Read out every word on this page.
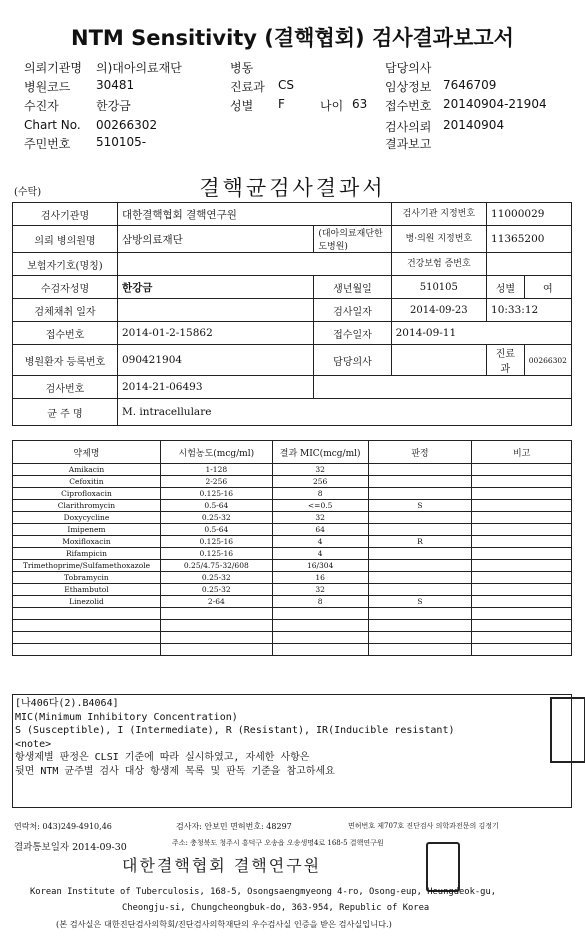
NTM Sensitivity (결핵협회) 검사결과보고서
의뢰기관명 의)대아의료재단	병동	담당의사
병원코드 30481	진료과 CS	임상정보 7646709
수진자	한강금	성별 F	나이 63 접수번호 20140904-21904
Chart No. 00266302	검사의뢰 20140904
주민번호 510105-	결과보고
결핵균검사결과서
(수탁)
검사기관명	대한결핵협회 결핵연구원		검사기관 지정번호	11000029	
의뢰 병의원명	삼방의료재단	(대아의료재단한도병원)	병·의원 지정번호	11365200	
보험자기호(명칭)			건강보험 증번호		
수검자성명	한강금	생년월일	510105	성별	여
검체채취 일자		검사일자	2014-09-23	10:33:12	
접수번호	2014-01-2-15862	접수일자	2014-09-11		
병원환자 등록번호	090421904	담당의사		진료과	00266302
검사번호	2014-21-06493				
균 주 명	M. intracellulare				
약제명	시험농도(mcg/ml)	결과 MIC(mcg/ml)	판정	비고
Amikacin	1-128	32		
Cefoxitin	2-256	256		
Ciprofloxacin	0.125-16	8		
Clarithromycin	0.5-64	<=0.5	S	
Doxycycline	0.25-32	32		
Imipenem	0.5-64	64		
Moxifloxacin	0.125-16	4	R	
Rifampicin	0.125-16	4		
Trimethoprime/Sulfamethoxazole	0.25/4.75-32/608	16/304		
Tobramycin	0.25-32	16		
Ethambutol	0.25-32	32		
Linezolid	2-64	8	S	

[나406다(2).B4064]
MIC(Minimum Inhibitory Concentration)
S (Susceptible), I (Intermediate), R (Resistant), IR(Inducible resistant)
<note>
항생제별 판정은 CLSI 기준에 따라 실시하였고, 자세한 사항은
뒷면 NTM 균주별 검사 대상 항생제 목록 및 판독 기준을 참고하세요
연락처: 043)249-4910,46	검사자: 안보민 면허번호: 48297	면허번호 제707호 진단검사 의학과전문의 김정기
결과통보일자 2014-09-30	주소: 충청북도 청주시 흥덕구 오송읍 오송생명4로 168-5 결핵연구원
대한결핵협회 결핵연구원
Korean Institute of Tuberculosis, 168-5, Osongsaengmyeong 4-ro, Osong-eup, Heungdeok-gu,
Cheongju-si, Chungcheongbuk-do, 363-954, Republic of Korea
(본 검사실은 대한진단검사의학회/진단검사의학재단의 우수검사실 인증을 받은 검사실입니다.)
